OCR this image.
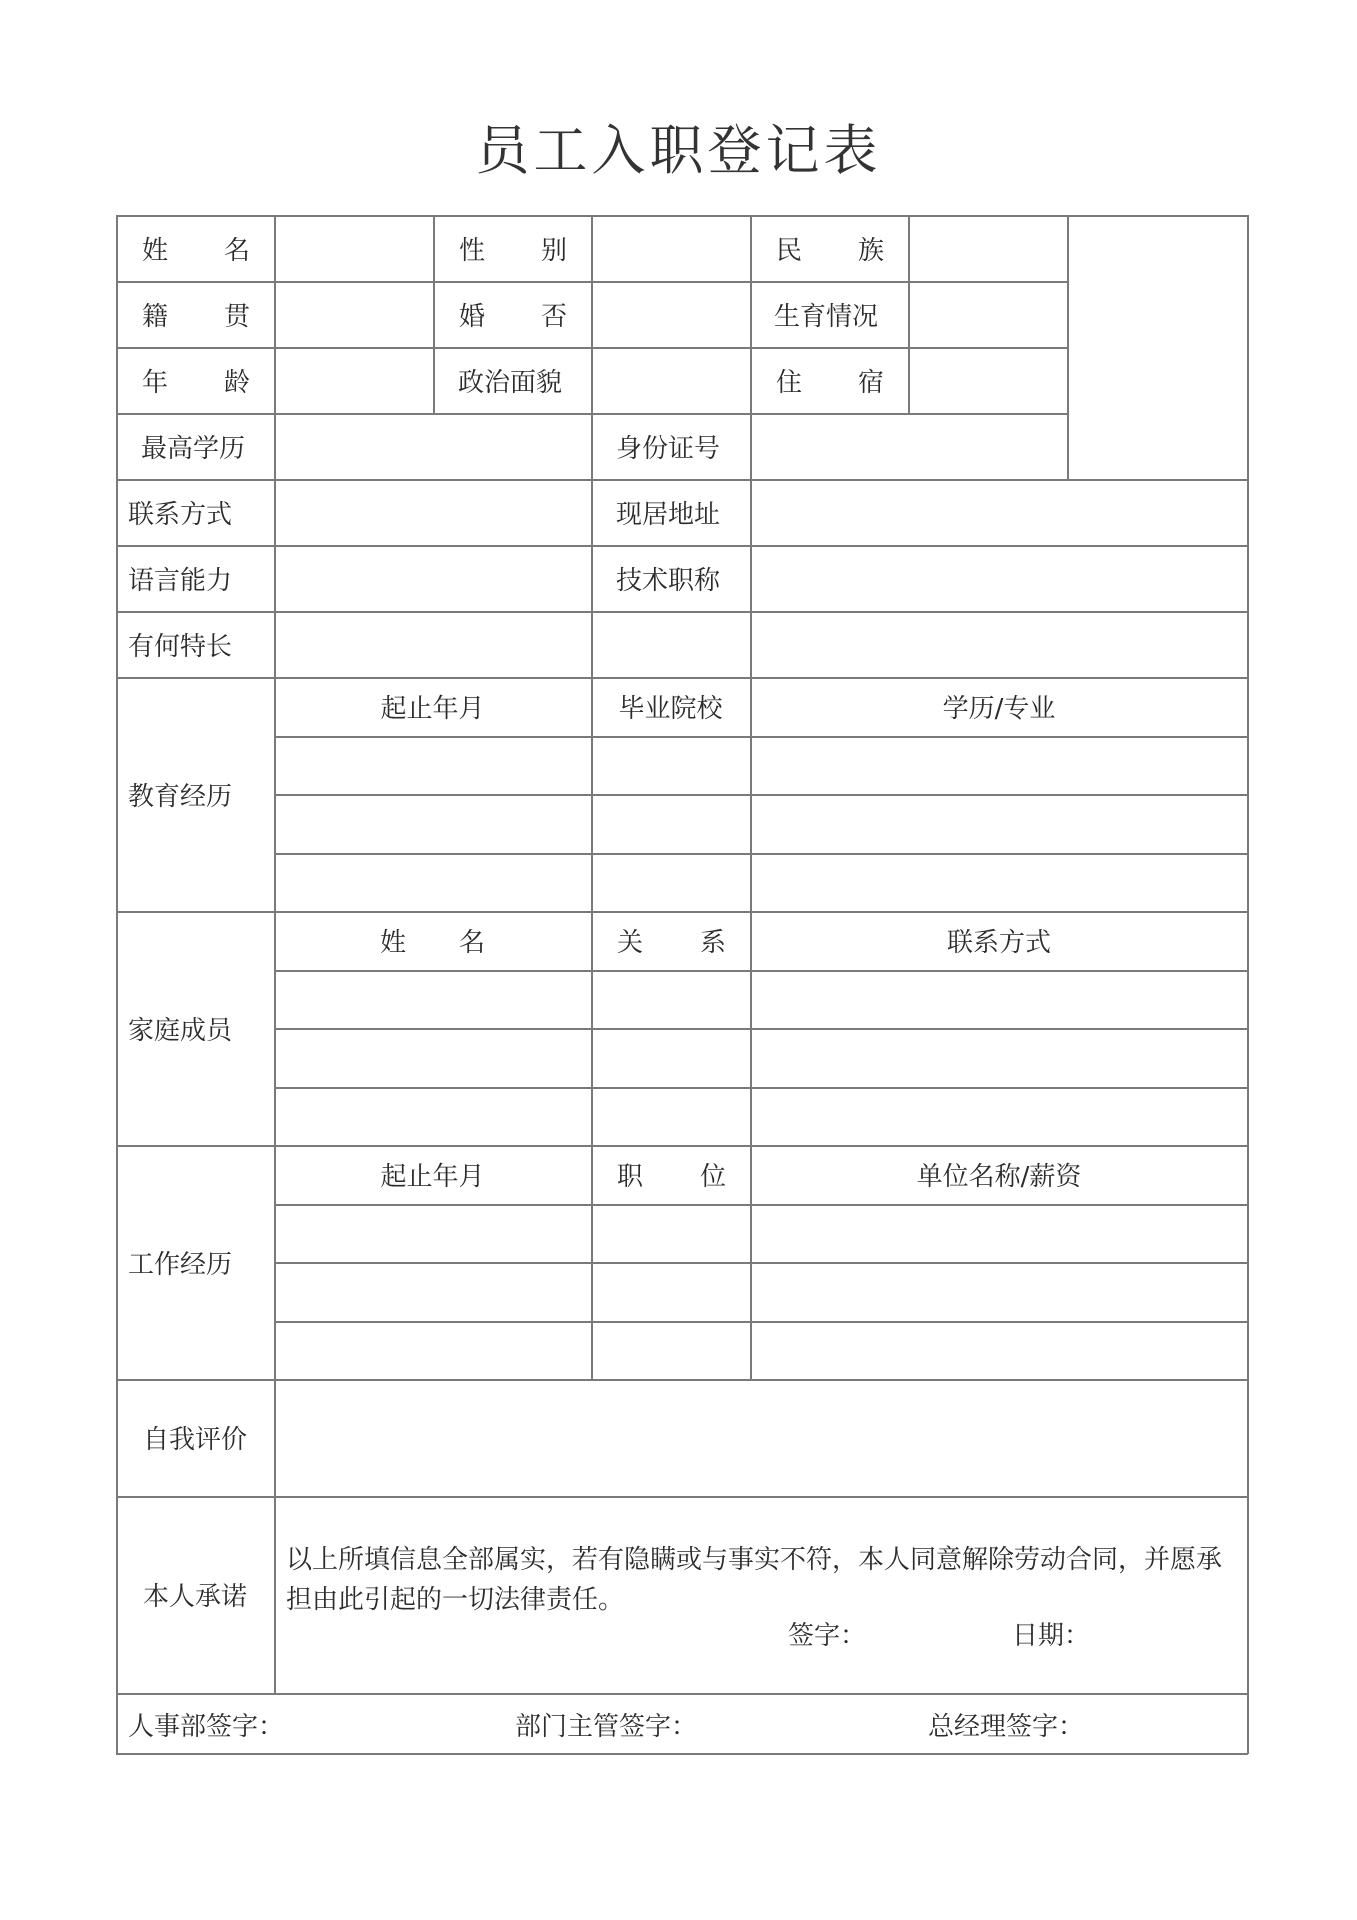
员工入职登记表
姓 名	性 别	民 族
籍 贯	婚 否	生育情况
年 龄	政治面貌	住 宿
最高学历	身份证号
联系方式	现居地址
语言能力	技术职称
有何特长
教育经历
起止年月	毕业院校	学历/专业
家庭成员
姓 名	关 系	联系方式
工作经历
起止年月	职 位	单位名称/薪资
自我评价
本人承诺
以上所填信息全部属实，若有隐瞒或与事实不符，本人同意解除劳动合同，并愿承担由此引起的一切法律责任。
签字：	日期：
人事部签字：	部门主管签字：	总经理签字：
